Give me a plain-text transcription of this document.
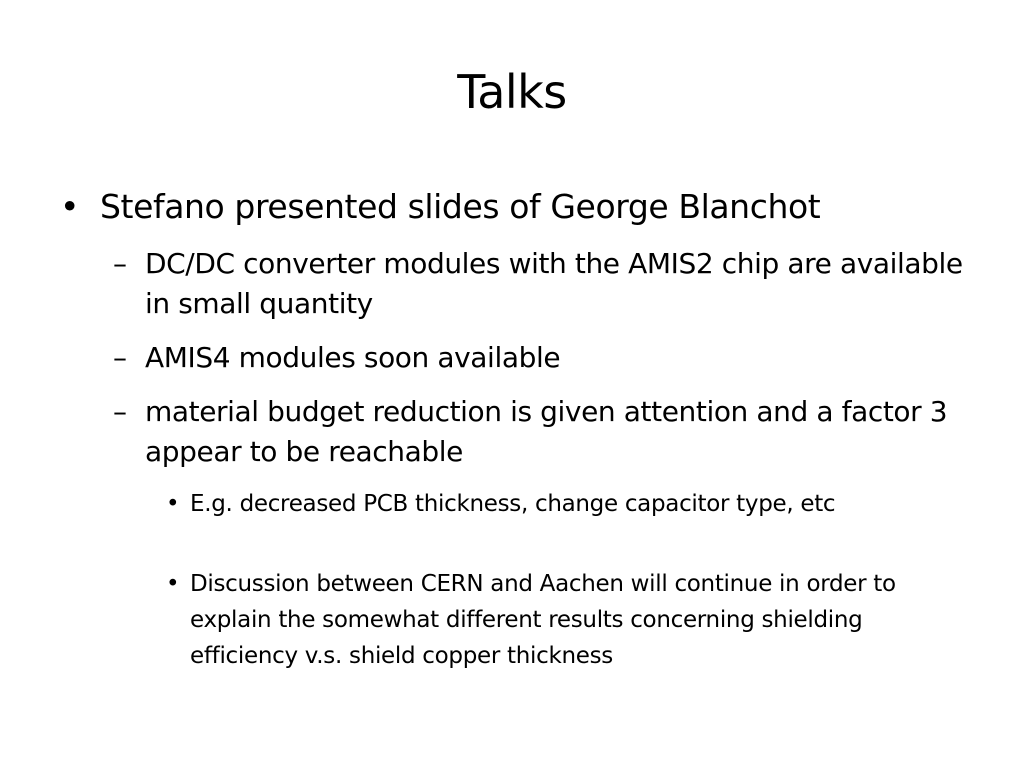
Talks
• Stefano presented slides of George Blanchot
– DC/DC converter modules with the AMIS2 chip are available in small quantity
– AMIS4 modules soon available
– material budget reduction is given attention and a factor 3 appear to be reachable
• E.g. decreased PCB thickness, change capacitor type, etc
• Discussion between CERN and Aachen will continue in order to explain the somewhat different results concerning shielding efficiency v.s. shield copper thickness
